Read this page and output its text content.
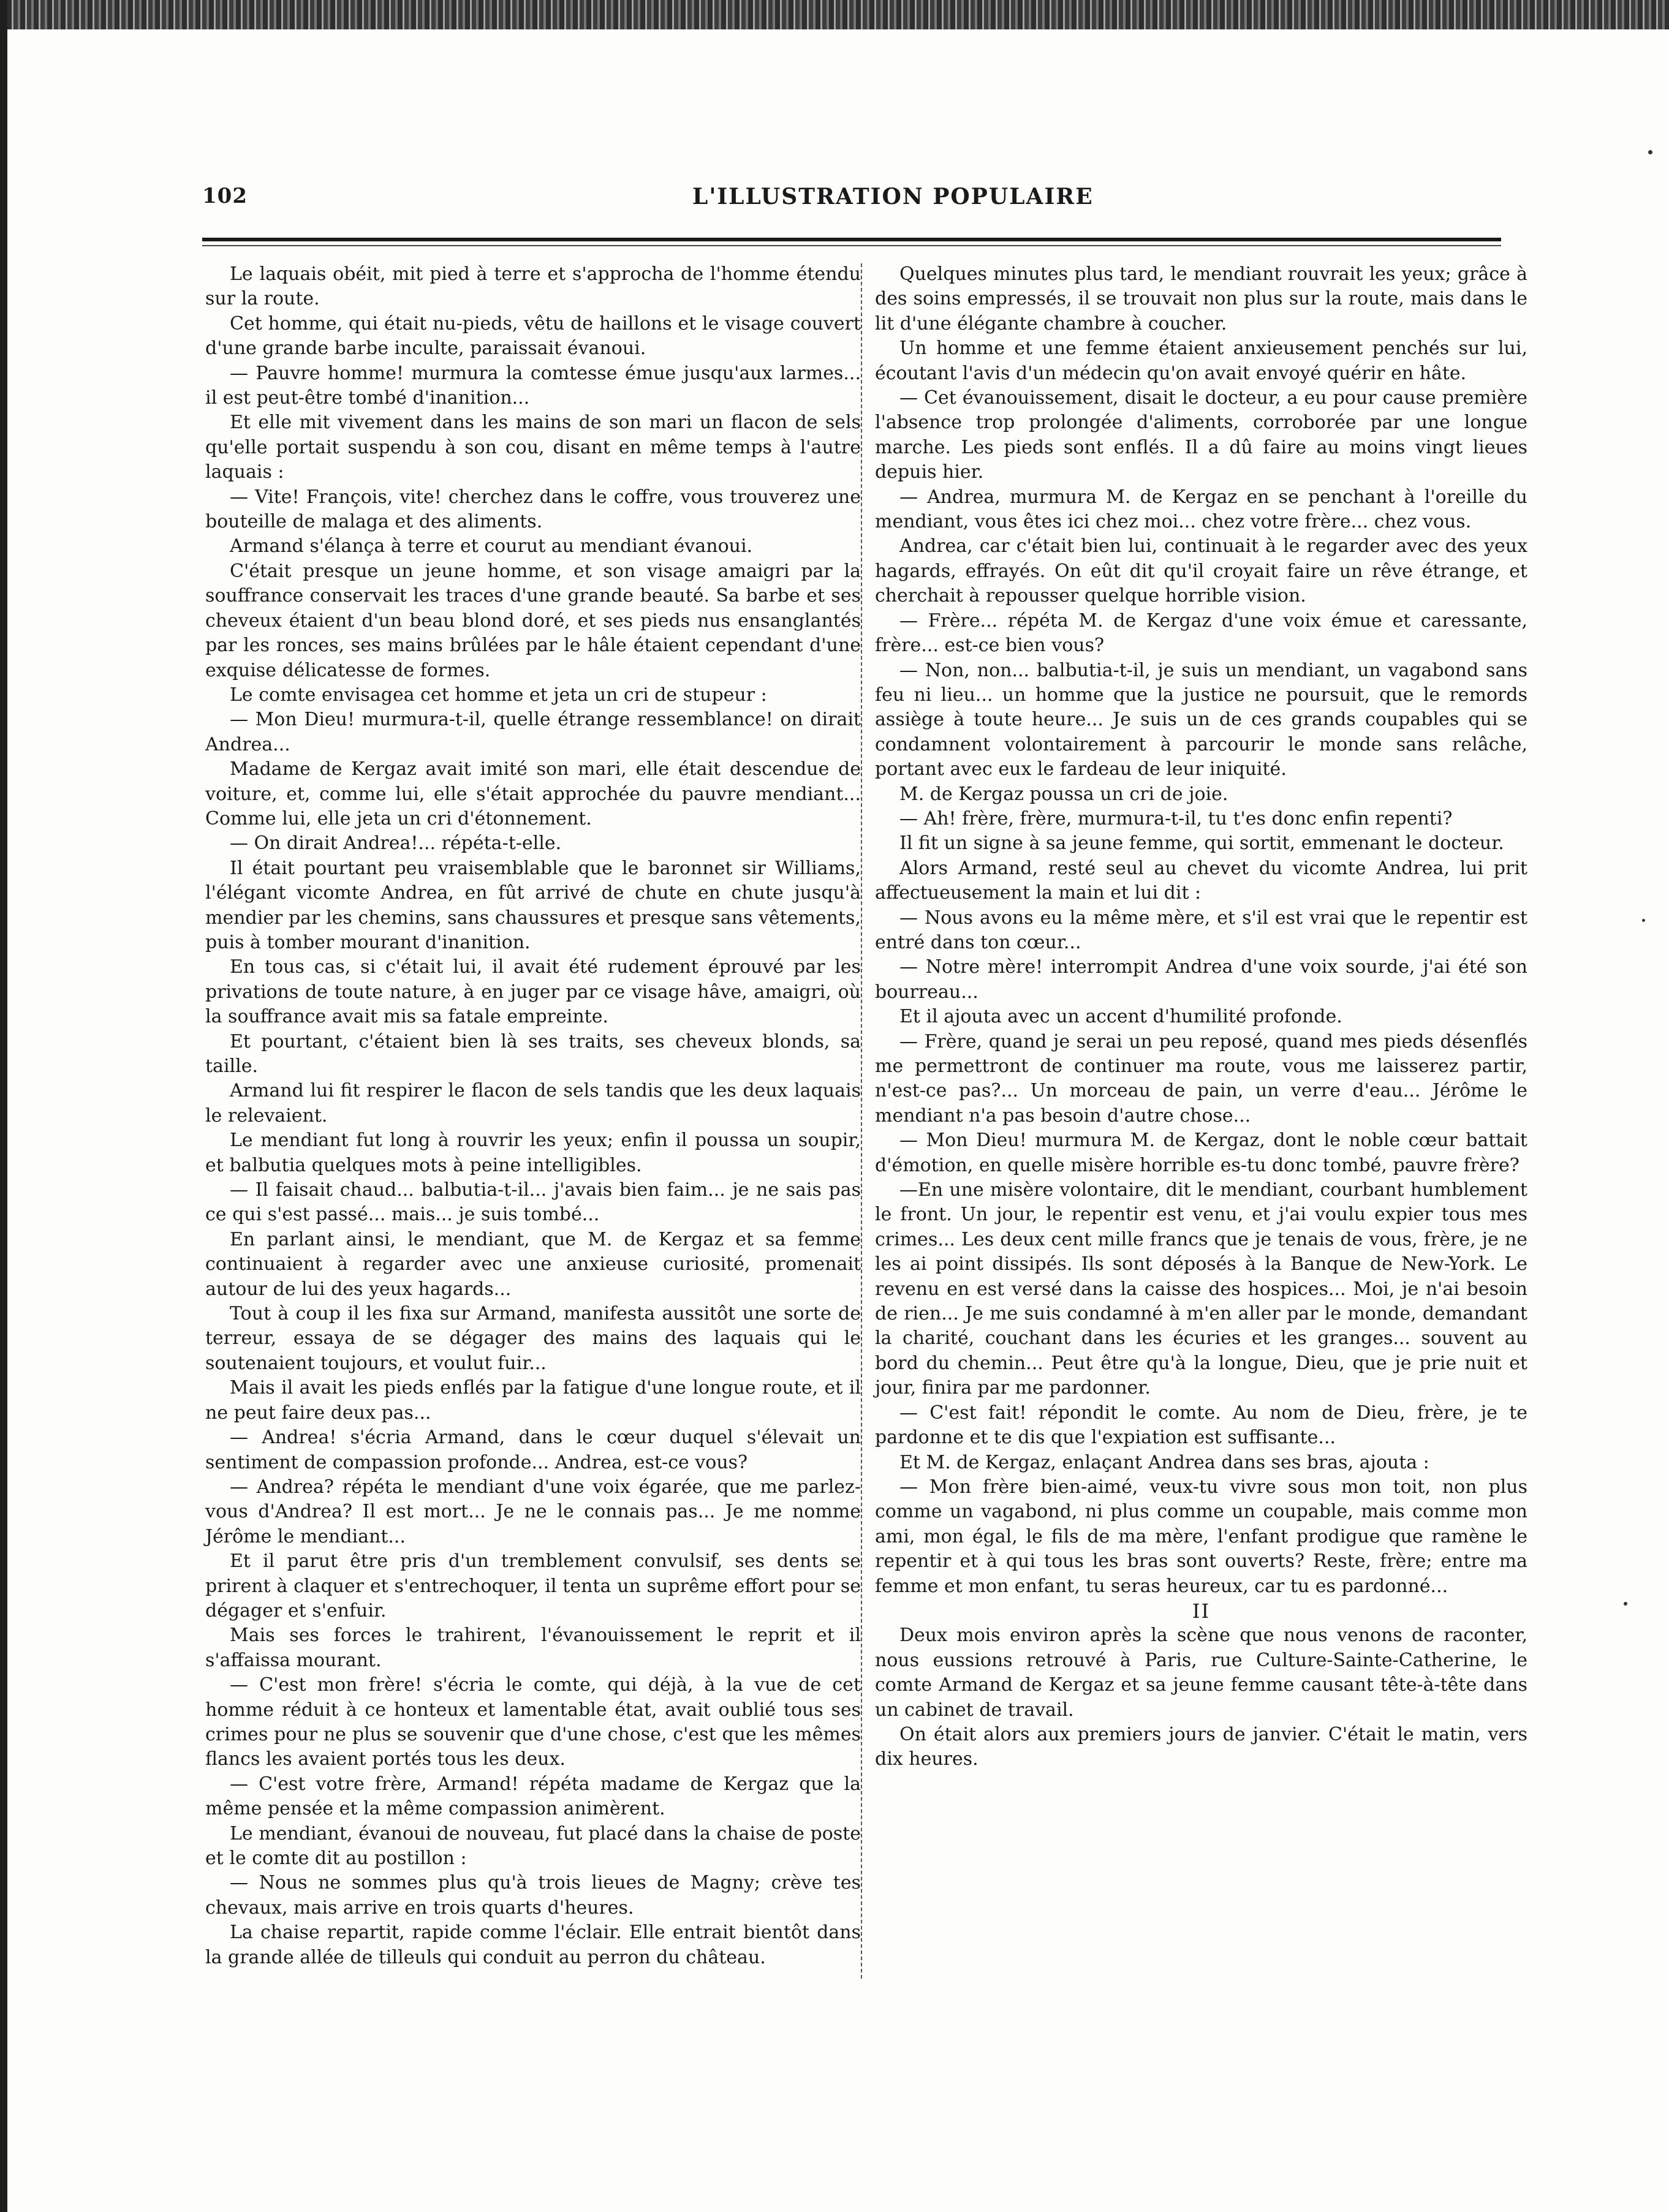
102	L'ILLUSTRATION POPULAIRE

Le laquais obéit, mit pied à terre et s'approcha de l'homme étendu sur la route.

Cet homme, qui était nu-pieds, vêtu de haillons et le visage couvert d'une grande barbe inculte, paraissait évanoui.

— Pauvre homme! murmura la comtesse émue jusqu'aux larmes... il est peut-être tombé d'inanition...

Et elle mit vivement dans les mains de son mari un flacon de sels qu'elle portait suspendu à son cou, disant en même temps à l'autre laquais :

— Vite! François, vite! cherchez dans le coffre, vous trouverez une bouteille de malaga et des aliments.

Armand s'élança à terre et courut au mendiant évanoui.

C'était presque un jeune homme, et son visage amaigri par la souffrance conservait les traces d'une grande beauté. Sa barbe et ses cheveux étaient d'un beau blond doré, et ses pieds nus ensanglantés par les ronces, ses mains brûlées par le hâle étaient cependant d'une exquise délicatesse de formes.

Le comte envisagea cet homme et jeta un cri de stupeur :

— Mon Dieu! murmura-t-il, quelle étrange ressemblance! on dirait Andrea...

Madame de Kergaz avait imité son mari, elle était descendue de voiture, et, comme lui, elle s'était approchée du pauvre mendiant... Comme lui, elle jeta un cri d'étonnement.

— On dirait Andrea!... répéta-t-elle.

Il était pourtant peu vraisemblable que le baronnet sir Williams, l'élégant vicomte Andrea, en fût arrivé de chute en chute jusqu'à mendier par les chemins, sans chaussures et presque sans vêtements, puis à tomber mourant d'inanition.

En tous cas, si c'était lui, il avait été rudement éprouvé par les privations de toute nature, à en juger par ce visage hâve, amaigri, où la souffrance avait mis sa fatale empreinte.

Et pourtant, c'étaient bien là ses traits, ses cheveux blonds, sa taille.

Armand lui fit respirer le flacon de sels tandis que les deux laquais le relevaient.

Le mendiant fut long à rouvrir les yeux; enfin il poussa un soupir, et balbutia quelques mots à peine intelligibles.

— Il faisait chaud... balbutia-t-il... j'avais bien faim... je ne sais pas ce qui s'est passé... mais... je suis tombé...

En parlant ainsi, le mendiant, que M. de Kergaz et sa femme continuaient à regarder avec une anxieuse curiosité, promenait autour de lui des yeux hagards...

Tout à coup il les fixa sur Armand, manifesta aussitôt une sorte de terreur, essaya de se dégager des mains des laquais qui le soutenaient toujours, et voulut fuir...

Mais il avait les pieds enflés par la fatigue d'une longue route, et il ne peut faire deux pas...

— Andrea! s'écria Armand, dans le cœur duquel s'élevait un sentiment de compassion profonde... Andrea, est-ce vous?

— Andrea? répéta le mendiant d'une voix égarée, que me parlez-vous d'Andrea? Il est mort... Je ne le connais pas... Je me nomme Jérôme le mendiant...

Et il parut être pris d'un tremblement convulsif, ses dents se prirent à claquer et s'entrechoquer, il tenta un suprême effort pour se dégager et s'enfuir.

Mais ses forces le trahirent, l'évanouissement le reprit et il s'affaissa mourant.

— C'est mon frère! s'écria le comte, qui déjà, à la vue de cet homme réduit à ce honteux et lamentable état, avait oublié tous ses crimes pour ne plus se souvenir que d'une chose, c'est que les mêmes flancs les avaient portés tous les deux.

— C'est votre frère, Armand! répéta madame de Kergaz que la même pensée et la même compassion animèrent.

Le mendiant, évanoui de nouveau, fut placé dans la chaise de poste et le comte dit au postillon :

— Nous ne sommes plus qu'à trois lieues de Magny; crève tes chevaux, mais arrive en trois quarts d'heures.

La chaise repartit, rapide comme l'éclair. Elle entrait bientôt dans la grande allée de tilleuls qui conduit au perron du château.

Quelques minutes plus tard, le mendiant rouvrait les yeux; grâce à des soins empressés, il se trouvait non plus sur la route, mais dans le lit d'une élégante chambre à coucher.

Un homme et une femme étaient anxieusement penchés sur lui, écoutant l'avis d'un médecin qu'on avait envoyé quérir en hâte.

— Cet évanouissement, disait le docteur, a eu pour cause première l'absence trop prolongée d'aliments, corroborée par une longue marche. Les pieds sont enflés. Il a dû faire au moins vingt lieues depuis hier.

— Andrea, murmura M. de Kergaz en se penchant à l'oreille du mendiant, vous êtes ici chez moi... chez votre frère... chez vous.

Andrea, car c'était bien lui, continuait à le regarder avec des yeux hagards, effrayés. On eût dit qu'il croyait faire un rêve étrange, et cherchait à repousser quelque horrible vision.

— Frère... répéta M. de Kergaz d'une voix émue et caressante, frère... est-ce bien vous?

— Non, non... balbutia-t-il, je suis un mendiant, un vagabond sans feu ni lieu... un homme que la justice ne poursuit, que le remords assiège à toute heure... Je suis un de ces grands coupables qui se condamnent volontairement à parcourir le monde sans relâche, portant avec eux le fardeau de leur iniquité.

M. de Kergaz poussa un cri de joie.

— Ah! frère, frère, murmura-t-il, tu t'es donc enfin repenti?

Il fit un signe à sa jeune femme, qui sortit, emmenant le docteur.

Alors Armand, resté seul au chevet du vicomte Andrea, lui prit affectueusement la main et lui dit :

— Nous avons eu la même mère, et s'il est vrai que le repentir est entré dans ton cœur...

— Notre mère! interrompit Andrea d'une voix sourde, j'ai été son bourreau...

Et il ajouta avec un accent d'humilité profonde.

— Frère, quand je serai un peu reposé, quand mes pieds désenflés me permettront de continuer ma route, vous me laisserez partir, n'est-ce pas?... Un morceau de pain, un verre d'eau... Jérôme le mendiant n'a pas besoin d'autre chose...

— Mon Dieu! murmura M. de Kergaz, dont le noble cœur battait d'émotion, en quelle misère horrible es-tu donc tombé, pauvre frère?

—En une misère volontaire, dit le mendiant, courbant humblement le front. Un jour, le repentir est venu, et j'ai voulu expier tous mes crimes... Les deux cent mille francs que je tenais de vous, frère, je ne les ai point dissipés. Ils sont déposés à la Banque de New-York. Le revenu en est versé dans la caisse des hospices... Moi, je n'ai besoin de rien... Je me suis condamné à m'en aller par le monde, demandant la charité, couchant dans les écuries et les granges... souvent au bord du chemin... Peut être qu'à la longue, Dieu, que je prie nuit et jour, finira par me pardonner.

— C'est fait! répondit le comte. Au nom de Dieu, frère, je te pardonne et te dis que l'expiation est suffisante...

Et M. de Kergaz, enlaçant Andrea dans ses bras, ajouta :

— Mon frère bien-aimé, veux-tu vivre sous mon toit, non plus comme un vagabond, ni plus comme un coupable, mais comme mon ami, mon égal, le fils de ma mère, l'enfant prodigue que ramène le repentir et à qui tous les bras sont ouverts? Reste, frère; entre ma femme et mon enfant, tu seras heureux, car tu es pardonné...

II

Deux mois environ après la scène que nous venons de raconter, nous eussions retrouvé à Paris, rue Culture-Sainte-Catherine, le comte Armand de Kergaz et sa jeune femme causant tête-à-tête dans un cabinet de travail.

On était alors aux premiers jours de janvier. C'était le matin, vers dix heures.
